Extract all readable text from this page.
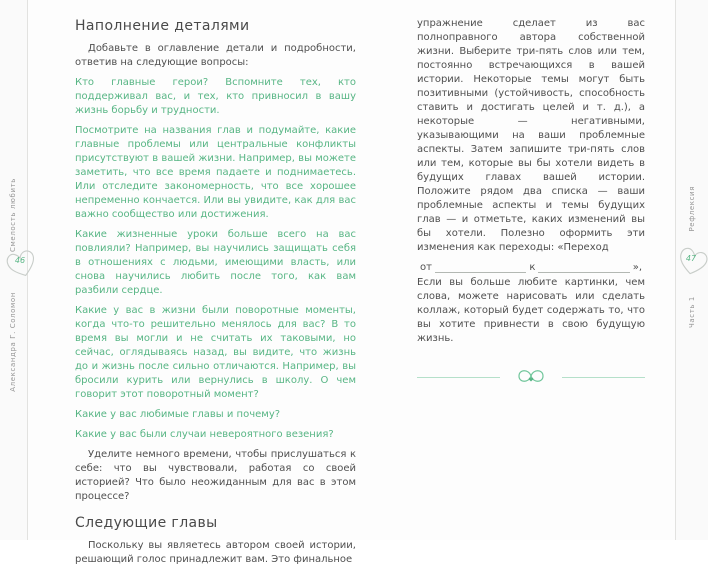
Смелость любить
46
Александра Г. Соломон
Наполнение деталями

Добавьте в оглавление детали и подробности, ответив на следующие вопросы:

Кто главные герои? Вспомните тех, кто поддерживал вас, и тех, кто привносил в вашу жизнь борьбу и трудности.

Посмотрите на названия глав и подумайте, какие главные проблемы или центральные конфликты присутствуют в вашей жизни. Например, вы можете заметить, что все время падаете и поднимаетесь. Или отследите закономерность, что все хорошее непременно кончается. Или вы увидите, как для вас важно сообщество или достижения.

Какие жизненные уроки больше всего на вас повлияли? Например, вы научились защищать себя в отношениях с людьми, имеющими власть, или снова научились любить после того, как вам разбили сердце.

Какие у вас в жизни были поворотные моменты, когда что-то решительно менялось для вас? В то время вы могли и не считать их таковыми, но сейчас, оглядываясь назад, вы видите, что жизнь до и жизнь после сильно отличаются. Например, вы бросили курить или вернулись в школу. О чем говорит этот поворотный момент?

Какие у вас любимые главы и почему?

Какие у вас были случаи невероятного везения?

Уделите немного времени, чтобы прислушаться к себе: что вы чувствовали, работая со своей историей? Что было неожиданным для вас в этом процессе?

Следующие главы

Поскольку вы являетесь автором своей истории, решающий голос принадлежит вам. Это финальное

упражнение сделает из вас полноправного автора собственной жизни. Выберите три-пять слов или тем, постоянно встречающихся в вашей истории. Некоторые темы могут быть позитивными (устойчивость, способность ставить и достигать целей и т. д.), а некоторые — негативными, указывающими на ваши проблемные аспекты. Затем запишите три-пять слов или тем, которые вы бы хотели видеть в будущих главах вашей истории. Положите рядом два списка — ваши проблемные аспекты и темы будущих глав — и отметьте, каких изменений вы бы хотели. Полезно оформить эти изменения как переходы: «Переход

от	к	»,

Если вы больше любите картинки, чем слова, можете нарисовать или сделать коллаж, который будет содержать то, что вы хотите привнести в свою будущую жизнь.

Рефлексия
47
Часть 1
